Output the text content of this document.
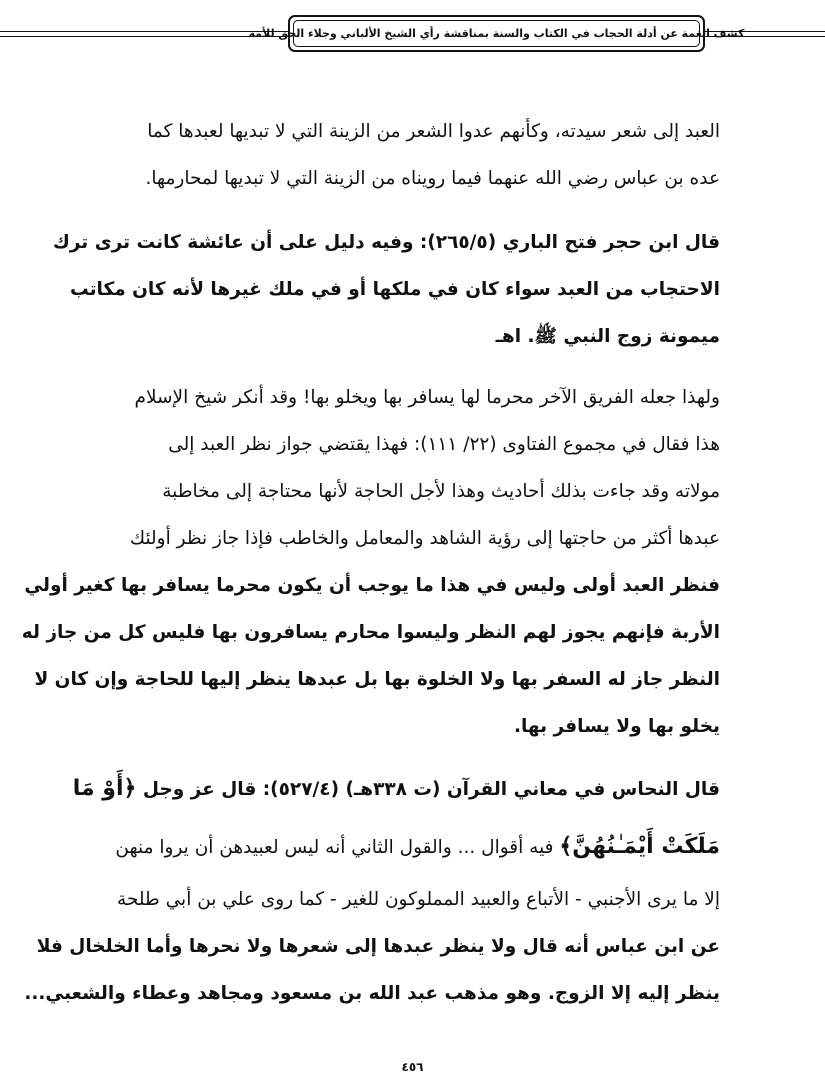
كشف الغمة عن أدلة الحجاب في الكتاب والسنة بمناقشة رأي الشيخ الألباني وجلاء الحق للأمة
العبد إلى شعر سيدته، وكأنهم عدوا الشعر من الزينة التي لا تبديها لعبدها كما
عده بن عباس رضي الله عنهما فيما رويناه من الزينة التي لا تبديها لمحارمها.
قال ابن حجر فتح الباري (٢٦٥/٥): وفيه دليل على أن عائشة كانت ترى ترك
الاحتجاب من العبد سواء كان في ملكها أو في ملك غيرها لأنه كان مكاتب
ميمونة زوج النبي ﷺ. اهـ
ولهذا جعله الفريق الآخر محرما لها يسافر بها ويخلو بها! وقد أنكر شيخ الإسلام
هذا فقال في مجموع الفتاوى (٢٢/ ١١١): فهذا يقتضي جواز نظر العبد إلى
مولاته وقد جاءت بذلك أحاديث وهذا لأجل الحاجة لأنها محتاجة إلى مخاطبة
عبدها أكثر من حاجتها إلى رؤية الشاهد والمعامل والخاطب فإذا جاز نظر أولئك
فنظر العبد أولى وليس في هذا ما يوجب أن يكون محرما يسافر بها كغير أولي
الأربة فإنهم يجوز لهم النظر وليسوا محارم يسافرون بها فليس كل من جاز له
النظر جاز له السفر بها ولا الخلوة بها بل عبدها ينظر إليها للحاجة وإن كان لا
يخلو بها ولا يسافر بها.
قال النحاس في معاني القرآن (ت ٣٣٨هـ) (٥٢٧/٤): قال عز وجل ﴿أَوْ مَا
مَلَكَتْ أَيْمَـٰنُهُنَّ﴾ فيه أقوال ... والقول الثاني أنه ليس لعبيدهن أن يروا منهن
إلا ما يرى الأجنبي - الأتباع والعبيد المملوكون للغير - كما روى علي بن أبي طلحة
عن ابن عباس أنه قال ولا ينظر عبدها إلى شعرها ولا نحرها وأما الخلخال فلا
ينظر إليه إلا الزوج. وهو مذهب عبد الله بن مسعود ومجاهد وعطاء والشعبي...
٤٥٦
